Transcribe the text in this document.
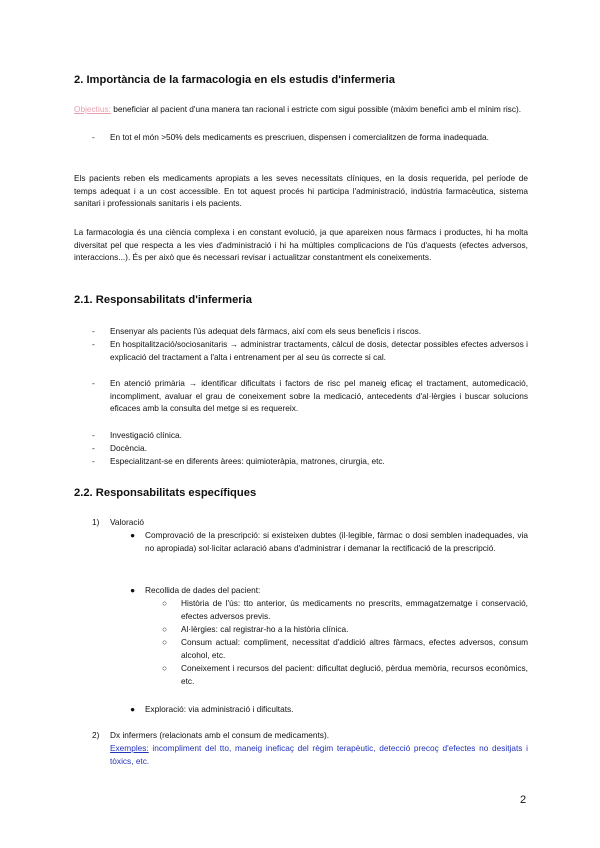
2. Importància de la farmacologia en els estudis d'infermeria
Objectius: beneficiar al pacient d'una manera tan racional i estricte com sigui possible (màxim benefici amb el mínim risc).
- En tot el món >50% dels medicaments es prescriuen, dispensen i comercialitzen de forma inadequada.
Els pacients reben els medicaments apropiats a les seves necessitats clíniques, en la dosis requerida, pel període de temps adequat i a un cost accessible. En tot aquest procés hi participa l'administració, indústria farmacèutica, sistema sanitari i professionals sanitaris i els pacients.
La farmacologia és una ciència complexa i en constant evolució, ja que apareixen nous fàrmacs i productes, hi ha molta diversitat pel que respecta a les vies d'administració i hi ha múltiples complicacions de l'ús d'aquests (efectes adversos, interaccions...). És per això que és necessari revisar i actualitzar constantment els coneixements.
2.1. Responsabilitats d'infermeria
- Ensenyar als pacients l'ús adequat dels fàrmacs, així com els seus beneficis i riscos.
- En hospitalització/sociosanitaris → administrar tractaments, càlcul de dosis, detectar possibles efectes adversos i explicació del tractament a l'alta i entrenament per al seu ús correcte si cal.
- En atenció primària → identificar dificultats i factors de risc pel maneig eficaç el tractament, automedicació, incompliment, avaluar el grau de coneixement sobre la medicació, antecedents d'al·lèrgies i buscar solucions eficaces amb la consulta del metge si es requereix.
- Investigació clínica.
- Docència.
- Especialitzant-se en diferents àrees: quimioteràpia, matrones, cirurgia, etc.
2.2. Responsabilitats específiques
1) Valoració
● Comprovació de la prescripció: si existeixen dubtes (il·legible, fàrmac o dosi semblen inadequades, via no apropiada) sol·licitar aclaració abans d'administrar i demanar la rectificació de la prescripció.
● Recollida de dades del pacient:
○ Història de l'ús: tto anterior, ús medicaments no prescrits, emmagatzematge i conservació, efectes adversos previs.
○ Al·lèrgies: cal registrar-ho a la història clínica.
○ Consum actual: compliment, necessitat d'addició altres fàrmacs, efectes adversos, consum alcohol, etc.
○ Coneixement i recursos del pacient: dificultat deglució, pèrdua memòria, recursos econòmics, etc.
● Exploració: via administració i dificultats.
2) Dx infermers (relacionats amb el consum de medicaments).
Exemples: incompliment del tto, maneig ineficaç del règim terapèutic, detecció precoç d'efectes no desitjats i tòxics, etc.
2
